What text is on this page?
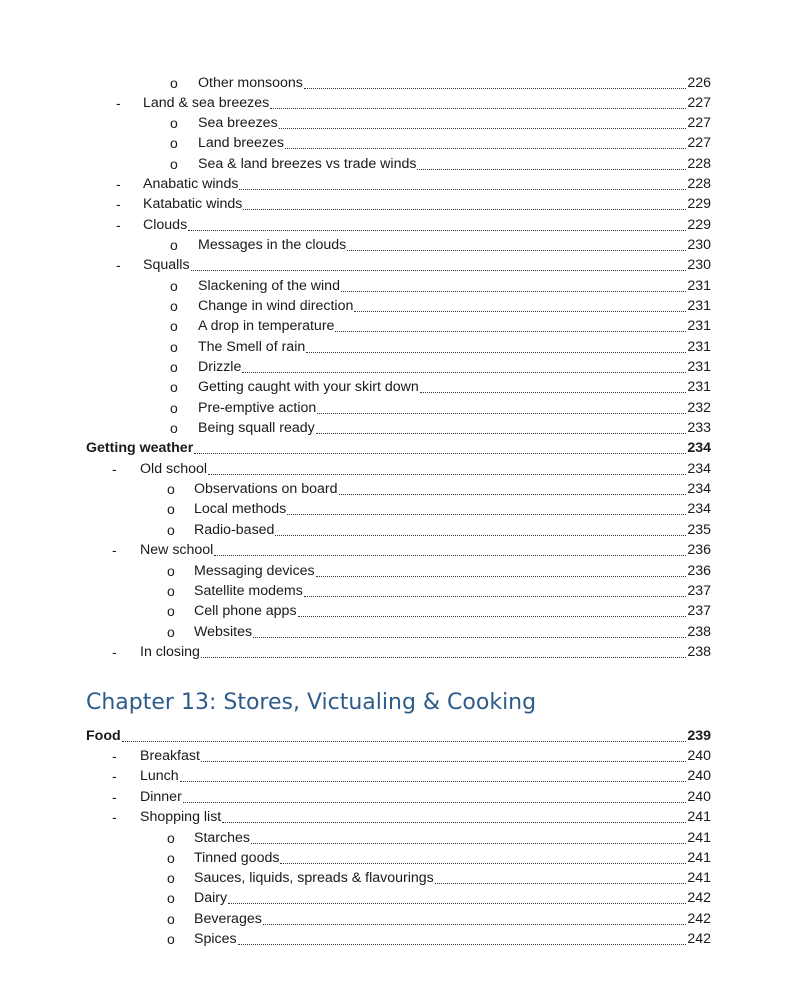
o Other monsoons	226
- Land & sea breezes	227
o Sea breezes	227
o Land breezes	227
o Sea & land breezes vs trade winds	228
- Anabatic winds	228
- Katabatic winds	229
- Clouds	229
o Messages in the clouds	230
- Squalls	230
o Slackening of the wind	231
o Change in wind direction	231
o A drop in temperature	231
o The Smell of rain	231
o Drizzle	231
o Getting caught with your skirt down	231
o Pre-emptive action	232
o Being squall ready	233
Getting weather	234
- Old school	234
o Observations on board	234
o Local methods	234
o Radio-based	235
- New school	236
o Messaging devices	236
o Satellite modems	237
o Cell phone apps	237
o Websites	238
- In closing	238
Chapter 13: Stores, Victualing & Cooking
Food	239
- Breakfast	240
- Lunch	240
- Dinner	240
- Shopping list	241
o Starches	241
o Tinned goods	241
o Sauces, liquids, spreads & flavourings	241
o Dairy	242
o Beverages	242
o Spices	242
